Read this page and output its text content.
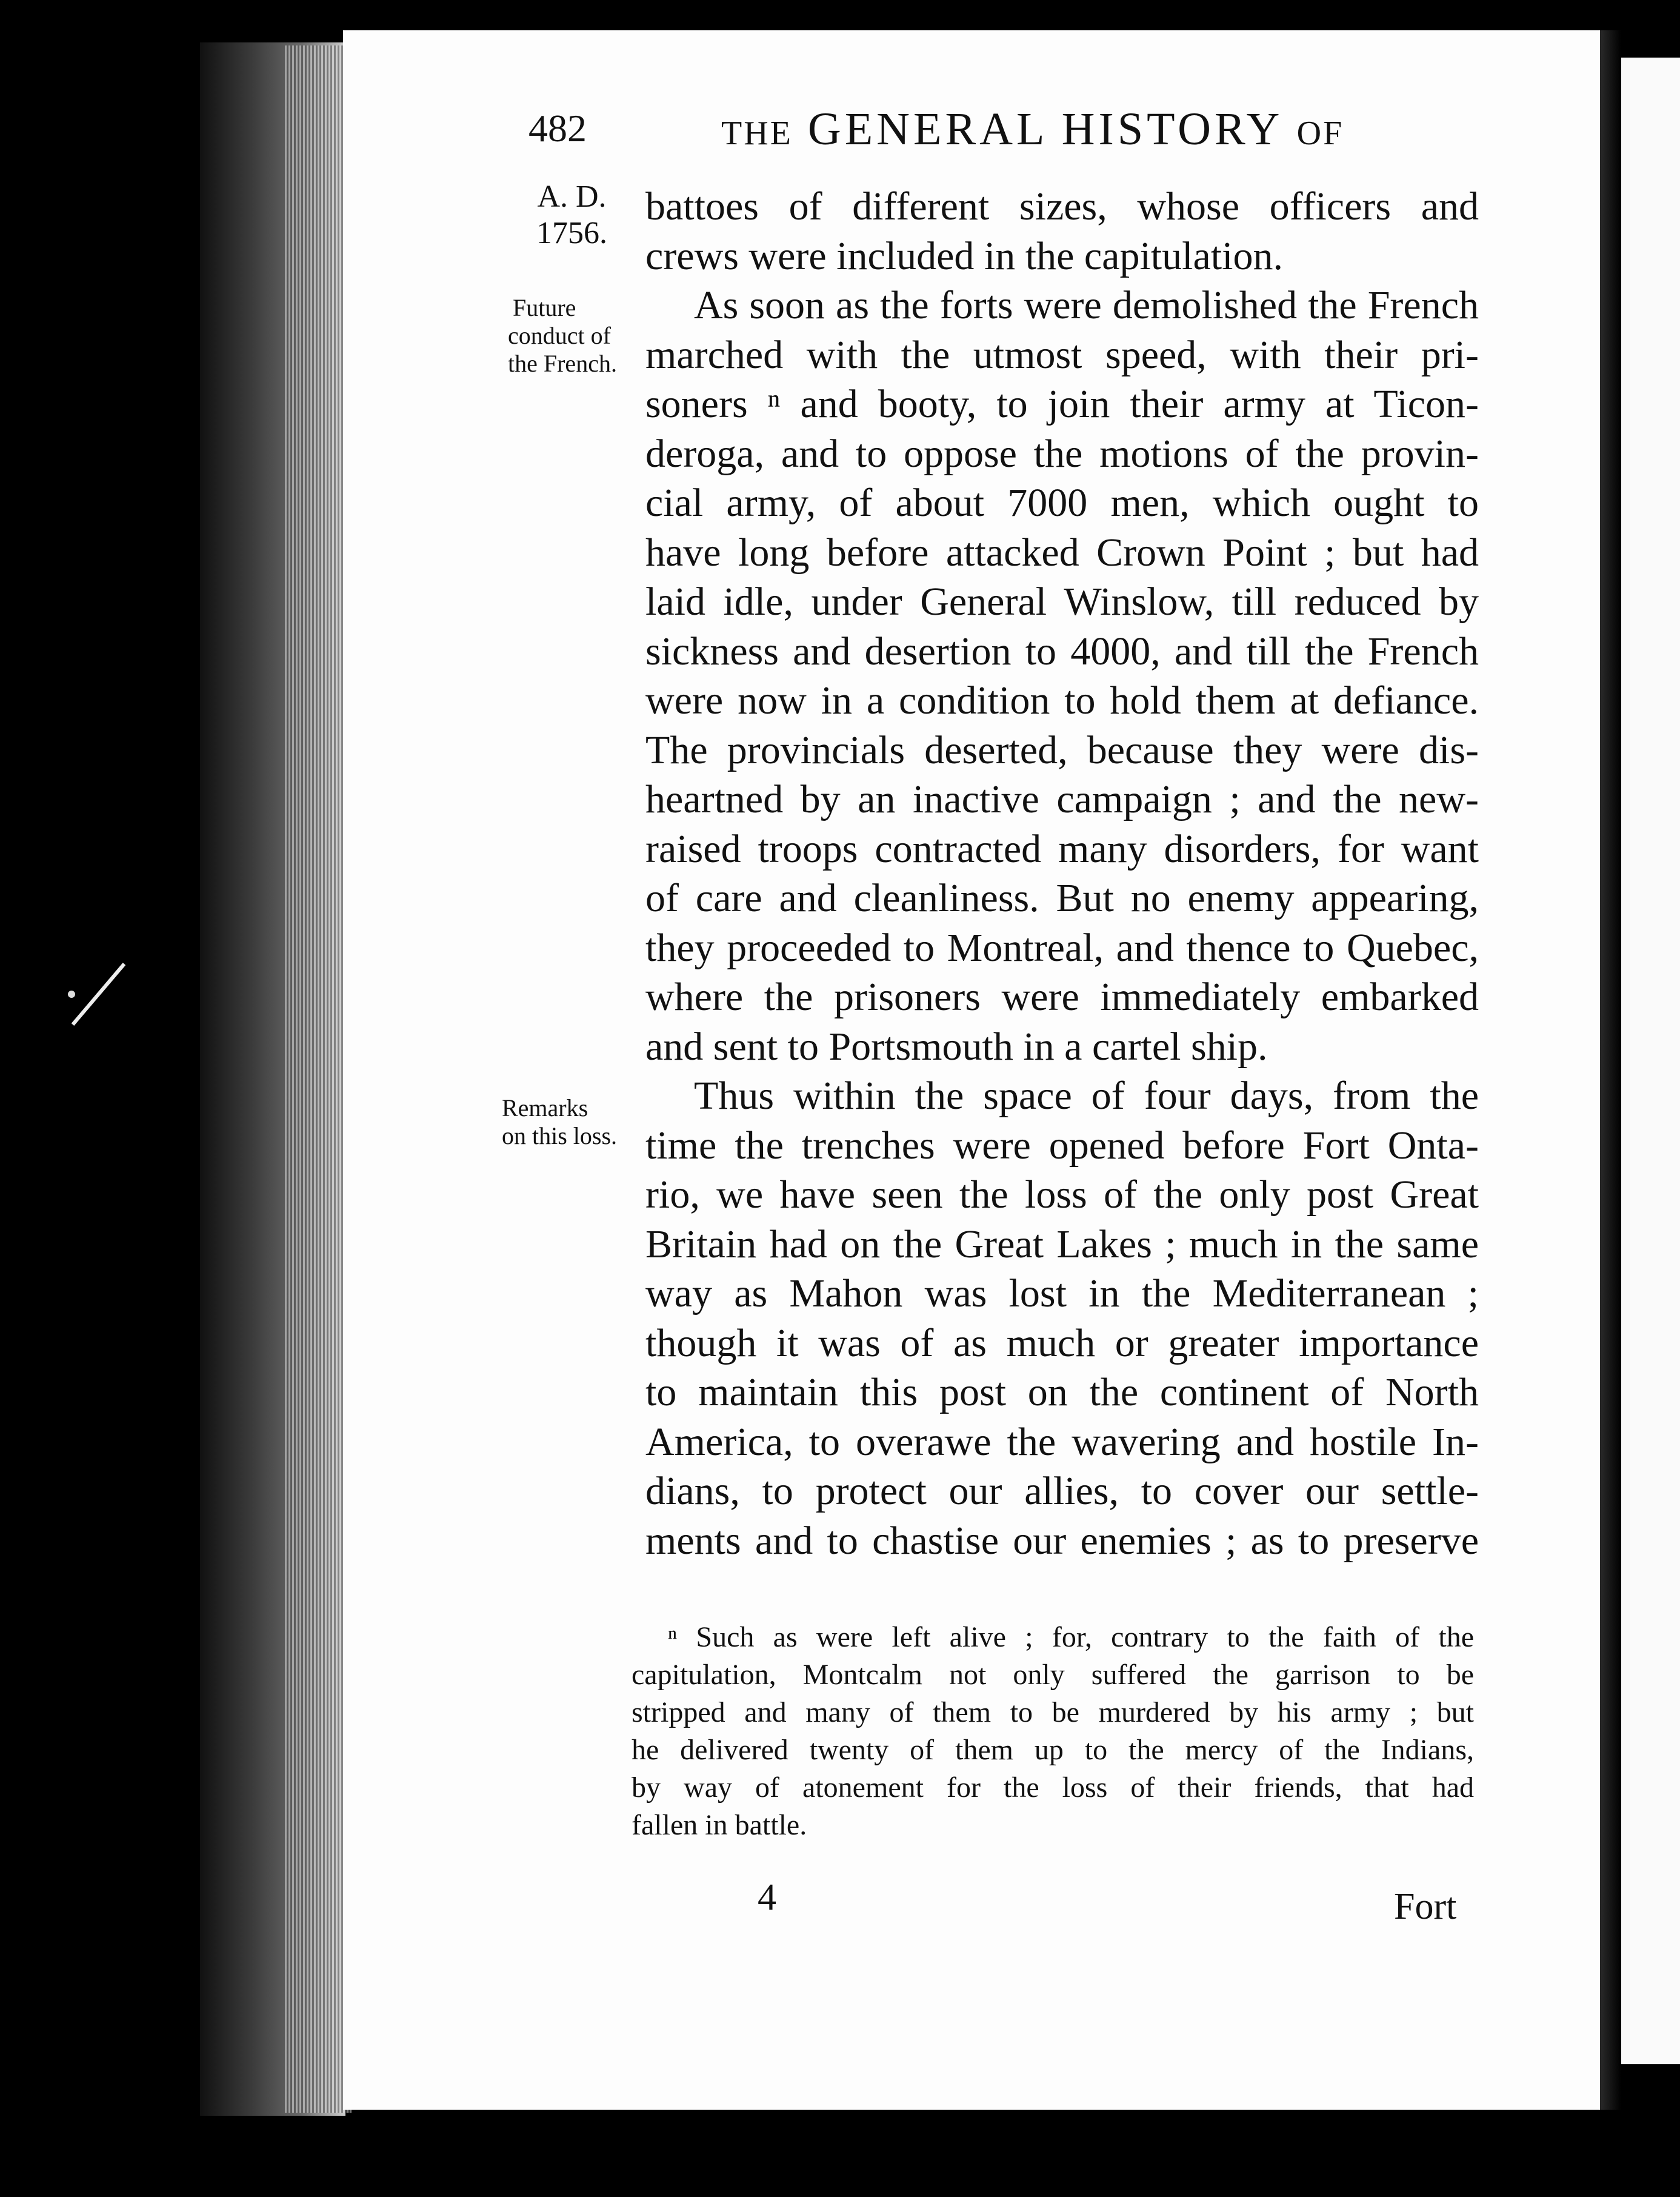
482	THE GENERAL HISTORY OF
A. D.
1756.
Future
conduct of
the French.
Remarks
on this loss.
battoes of different sizes, whose officers and
crews were included in the capitulation.
As soon as the forts were demolished the French
marched with the utmost speed, with their pri-
soners ⁿ and booty, to join their army at Ticon-
deroga, and to oppose the motions of the provin-
cial army, of about 7000 men, which ought to
have long before attacked Crown Point ; but had
laid idle, under General Winslow, till reduced by
sickness and desertion to 4000, and till the French
were now in a condition to hold them at defiance.
The provincials deserted, because they were dis-
heartned by an inactive campaign ; and the new-
raised troops contracted many disorders, for want
of care and cleanliness. But no enemy appearing,
they proceeded to Montreal, and thence to Quebec,
where the prisoners were immediately embarked
and sent to Portsmouth in a cartel ship.
Thus within the space of four days, from the
time the trenches were opened before Fort Onta-
rio, we have seen the loss of the only post Great
Britain had on the Great Lakes ; much in the same
way as Mahon was lost in the Mediterranean ;
though it was of as much or greater importance
to maintain this post on the continent of North
America, to overawe the wavering and hostile In-
dians, to protect our allies, to cover our settle-
ments and to chastise our enemies ; as to preserve
ⁿ Such as were left alive ; for, contrary to the faith of the
capitulation, Montcalm not only suffered the garrison to be
stripped and many of them to be murdered by his army ; but
he delivered twenty of them up to the mercy of the Indians,
by way of atonement for the loss of their friends, that had
fallen in battle.
4	Fort
